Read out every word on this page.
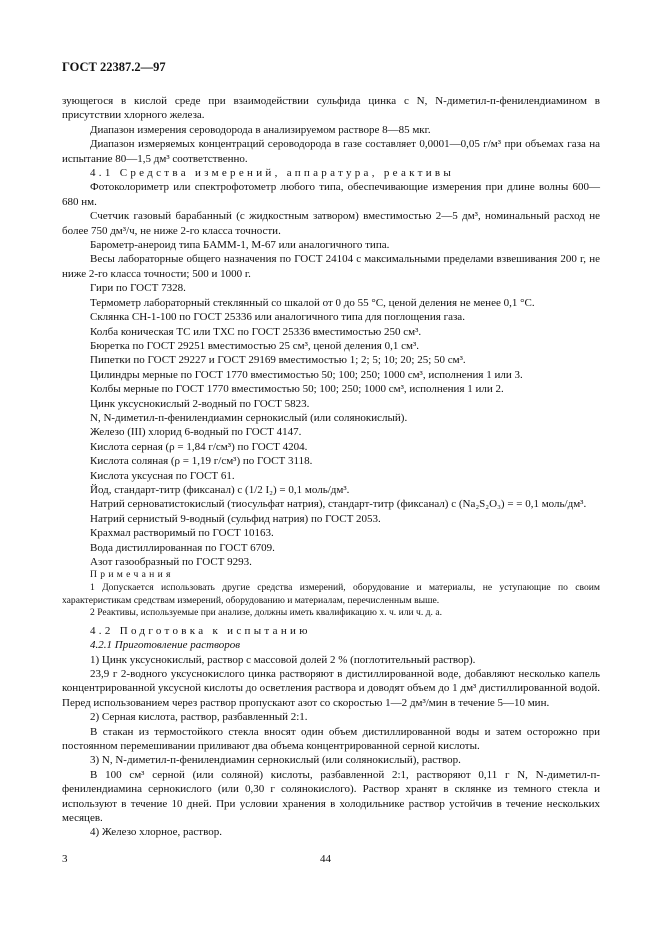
ГОСТ 22387.2—97

зующегося в кислой среде при взаимодействии сульфида цинка с N, N-диметил-п-фенилендиамином в присутствии хлорного железа.

Диапазон измерения сероводорода в анализируемом растворе 8—85 мкг.

Диапазон измеряемых концентраций сероводорода в газе составляет 0,0001—0,05 г/м³ при объемах газа на испытание 80—1,5 дм³ соответственно.

4.1 Средства измерений, аппаратура, реактивы

Фотоколориметр или спектрофотометр любого типа, обеспечивающие измерения при длине волны 600—680 нм.

Счетчик газовый барабанный (с жидкостным затвором) вместимостью 2—5 дм³, номинальный расход не более 750 дм³/ч, не ниже 2-го класса точности.

Барометр-анероид типа БАММ-1, М-67 или аналогичного типа.

Весы лабораторные общего назначения по ГОСТ 24104 с максимальными пределами взвешивания 200 г, не ниже 2-го класса точности; 500 и 1000 г.

Гири по ГОСТ 7328.

Термометр лабораторный стеклянный со шкалой от 0 до 55 °С, ценой деления не менее 0,1 °С.

Склянка СН-1-100 по ГОСТ 25336 или аналогичного типа для поглощения газа.

Колба коническая ТС или ТХС по ГОСТ 25336 вместимостью 250 см³.

Бюретка по ГОСТ 29251 вместимостью 25 см³, ценой деления 0,1 см³.

Пипетки по ГОСТ 29227 и ГОСТ 29169 вместимостью 1; 2; 5; 10; 20; 25; 50 см³.

Цилиндры мерные по ГОСТ 1770 вместимостью 50; 100; 250; 1000 см³, исполнения 1 или 3.

Колбы мерные по ГОСТ 1770 вместимостью 50; 100; 250; 1000 см³, исполнения 1 или 2.

Цинк уксуснокислый 2-водный по ГОСТ 5823.

N, N-диметил-п-фенилендиамин сернокислый (или солянокислый).

Железо (III) хлорид 6-водный по ГОСТ 4147.

Кислота серная (ρ = 1,84 г/см³) по ГОСТ 4204.

Кислота соляная (ρ = 1,19 г/см³) по ГОСТ 3118.

Кислота уксусная по ГОСТ 61.

Йод, стандарт-титр (фиксанал) с (1/2 I₂) = 0,1 моль/дм³.

Натрий серноватистокислый (тиосульфат натрия), стандарт-титр (фиксанал) с (Na₂S₂O₃) = = 0,1 моль/дм³.

Натрий сернистый 9-водный (сульфид натрия) по ГОСТ 2053.

Крахмал растворимый по ГОСТ 10163.

Вода дистиллированная по ГОСТ 6709.

Азот газообразный по ГОСТ 9293.

Примечания

1 Допускается использовать другие средства измерений, оборудование и материалы, не уступающие по своим характеристикам средствам измерений, оборудованию и материалам, перечисленным выше.

2 Реактивы, используемые при анализе, должны иметь квалификацию х. ч. или ч. д. а.

4.2 Подготовка к испытанию

4.2.1 Приготовление растворов

1) Цинк уксуснокислый, раствор с массовой долей 2 % (поглотительный раствор).

23,9 г 2-водного уксуснокислого цинка растворяют в дистиллированной воде, добавляют несколько капель концентрированной уксусной кислоты до осветления раствора и доводят объем до 1 дм³ дистиллированной водой. Перед использованием через раствор пропускают азот со скоростью 1—2 дм³/мин в течение 5—10 мин.

2) Серная кислота, раствор, разбавленный 2:1.

В стакан из термостойкого стекла вносят один объем дистиллированной воды и затем осторожно при постоянном перемешивании приливают два объема концентрированной серной кислоты.

3) N, N-диметил-п-фенилендиамин сернокислый (или солянокислый), раствор.

В 100 см³ серной (или соляной) кислоты, разбавленной 2:1, растворяют 0,11 г N, N-диметил-п-фенилендиамина сернокислого (или 0,30 г солянокислого). Раствор хранят в склянке из темного стекла и используют в течение 10 дней. При условии хранения в холодильнике раствор устойчив в течение нескольких месяцев.

4) Железо хлорное, раствор.

3	44
